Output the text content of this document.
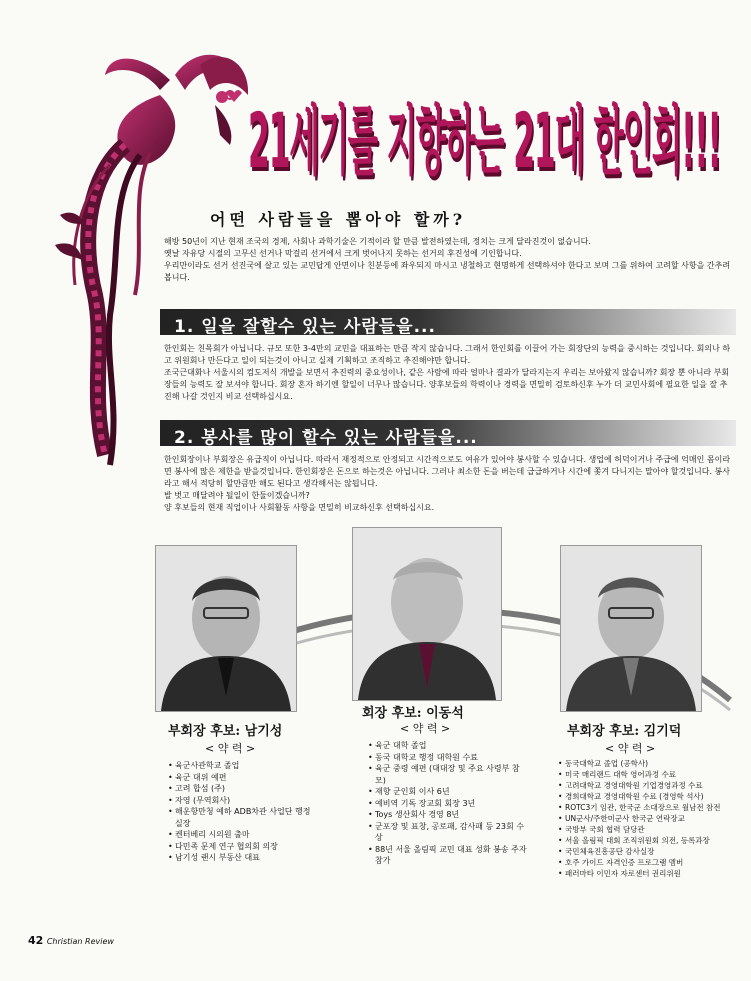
21세기를 지향하는 21대 한인회!!!
어떤 사람들을 뽑아야 할까?

해방 50년이 지난 현재 조국의 경제, 사회나 과학기술은 기적이라 할 만큼 발전하였는데, 정치는 크게 달라진것이 없습니다.

옛날 자유당 시절의 고무신 선거나 막걸리 선거에서 크게 벗어나지 못하는 선거의 후진성에 기인합니다.

우리만이라도 선거 선진국에 살고 있는 교민답게 안면이나 친분등에 좌우되지 마시고 냉철하고 현명하게 선택하셔야 한다고 보며 그를 위하여 고려할 사항을 간추려 봅니다.

1. 일을 잘할수 있는 사람들을...

한인회는 친목회가 아닙니다. 규모 또한 3-4만의 교민을 대표하는 만큼 작지 않습니다. 그래서 한인회를 이끌어 가는 회장단의 능력을 중시하는 것입니다. 회의나 하고 위원회나 만든다고 일이 되는것이 아니고 실제 기획하고 조직하고 추진해야만 합니다.

조국근대화나 서울시의 컴도저식 개발을 보면서 추진력의 중요성이나, 같은 사람에 따라 얼마나 결과가 달라지는지 우리는 보아왔지 않습니까? 회장 뿐 아니라 부회장들의 능력도 잘 보셔야 합니다. 회장 혼자 하기엔 할일이 너무나 많습니다. 양후보들의 학력이나 경력을 면밀히 검토하신후 누가 더 교민사회에 필요한 일을 잘 추진해 나갈 것인지 비교 선택하십시요.

2. 봉사를 많이 할수 있는 사람들을...

한인회장이나 부회장은 유급직이 아닙니다. 따라서 재정적으로 안정되고 시간적으로도 여유가 있어야 봉사할 수 있습니다. 생업에 허덕이거나 주급에 억매인 몸이라면 봉사에 많은 제한을 받을것입니다. 한인회장은 돈으로 하는것은 아닙니다. 그러나 최소한 돈을 버는데 급급하거나 시간에 쫓겨 다니지는 말아야 할것입니다. 봉사라고 해서 적당히 할만큼만 해도 된다고 생각해서는 않됩니다.

발 벗고 매달려야 될일이 한둘이겠습니까?

양 후보들의 현재 직업이나 사회활동 사항을 면밀히 비교하신후 선택하십시요.

부회장 후보: 남기성
< 약 력 >
• 육군사관학교 졸업
• 육군 대위 예편
• 고려 합섬 (주)
• 자영 (무역회사)
• 해운항만청 예하 ADB차관 사업단 행정실장
• 켄터베리 시의원 출마
• 다민족 문제 연구 협의회 의장
• 남기성 랜시 부동산 대표
회장 후보: 이동석
< 약 력 >
• 육군 대학 졸업
• 동국 대학교 행정 대학원 수료
• 육군 중령 예편 (대대장 및 주요 사령부 참모)
• 재향 군인회 이사 6년
• 예비역 기독 장교회 회장 3년
• Toys 생산회사 경영 8년
• 군포장 및 표창, 공로패, 감사패 등 23회 수상
• 88년 서울 올림픽 교민 대표 성화 봉송 주자참가
부회장 후보: 김기덕
< 약 력 >
• 동국대학교 졸업 (공학사)
• 미국 매리랜드 대학 영어과정 수료
• 고려대학교 경영대학원 기업경영과정 수료
• 경희대학교 경영대학원 수료 (경영학 석사)
• ROTC3기 임관, 한국군 소대장으로 월남전 참전
• UN군사/주한미군사 한국군 연락장교
• 국방부 국회 협력 담당관
• 서울 올림픽 대회 조직위원회 의전, 등록과장
• 국민체육진흥공단 감사실장
• 호주 가이드 자격인증 프로그램 멤버
• 패러마타 이민자 자로센터 권리위원
42 Christian Review
